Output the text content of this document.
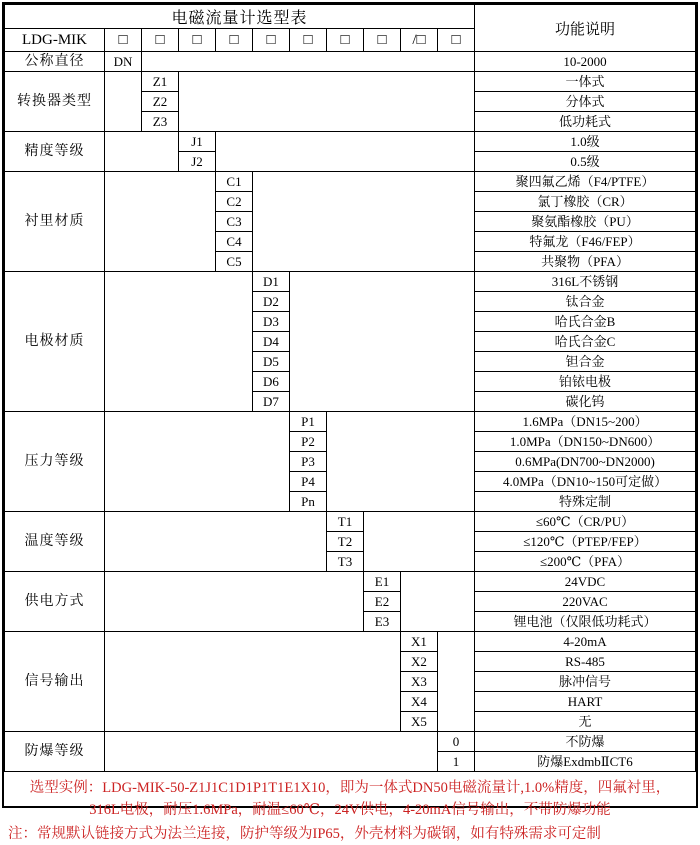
电磁流量计选型表											功能说明
LDG-MIK	□	□	□	□	□	□	□	□	/□	□	
公称直径	DN										10-2000
转换器类型		Z1									一体式
		Z2									分体式
		Z3									低功耗式
精度等级			J1								1.0级
			J2								0.5级
衬里材质				C1							聚四氟乙烯（F4/PTFE）
				C2							氯丁橡胶（CR）
				C3							聚氨酯橡胶（PU）
				C4							特氟龙（F46/FEP）
				C5							共聚物（PFA）
电极材质					D1						316L不锈钢
					D2						钛合金
					D3						哈氏合金B
					D4						哈氏合金C
					D5						钽合金
					D6						铂铱电极
					D7						碳化钨
压力等级						P1					1.6MPa（DN15~200）
						P2					1.0MPa（DN150~DN600）
						P3					0.6MPa(DN700~DN2000)
						P4					4.0MPa（DN10~150可定做）
						Pn					特殊定制
温度等级							T1				≤60℃（CR/PU）
							T2				≤120℃（PTEP/FEP）
							T3				≤200℃（PFA）
供电方式								E1			24VDC
								E2			220VAC
								E3			锂电池（仅限低功耗式）
信号输出									X1		4-20mA
									X2		RS-485
									X3		脉冲信号
									X4		HART
									X5		无
防爆等级										0	不防爆
										1	防爆ExdmbⅡCT6

选型实例：LDG-MIK-50-Z1J1C1D1P1T1E1X10，即为一体式DN50电磁流量计,1.0%精度，四氟衬里，316L电极，耐压1.6MPa，耐温≤60℃，24V供电，4-20mA信号输出，不带防爆功能

注：常规默认链接方式为法兰连接，防护等级为IP65，外壳材料为碳钢，如有特殊需求可定制
